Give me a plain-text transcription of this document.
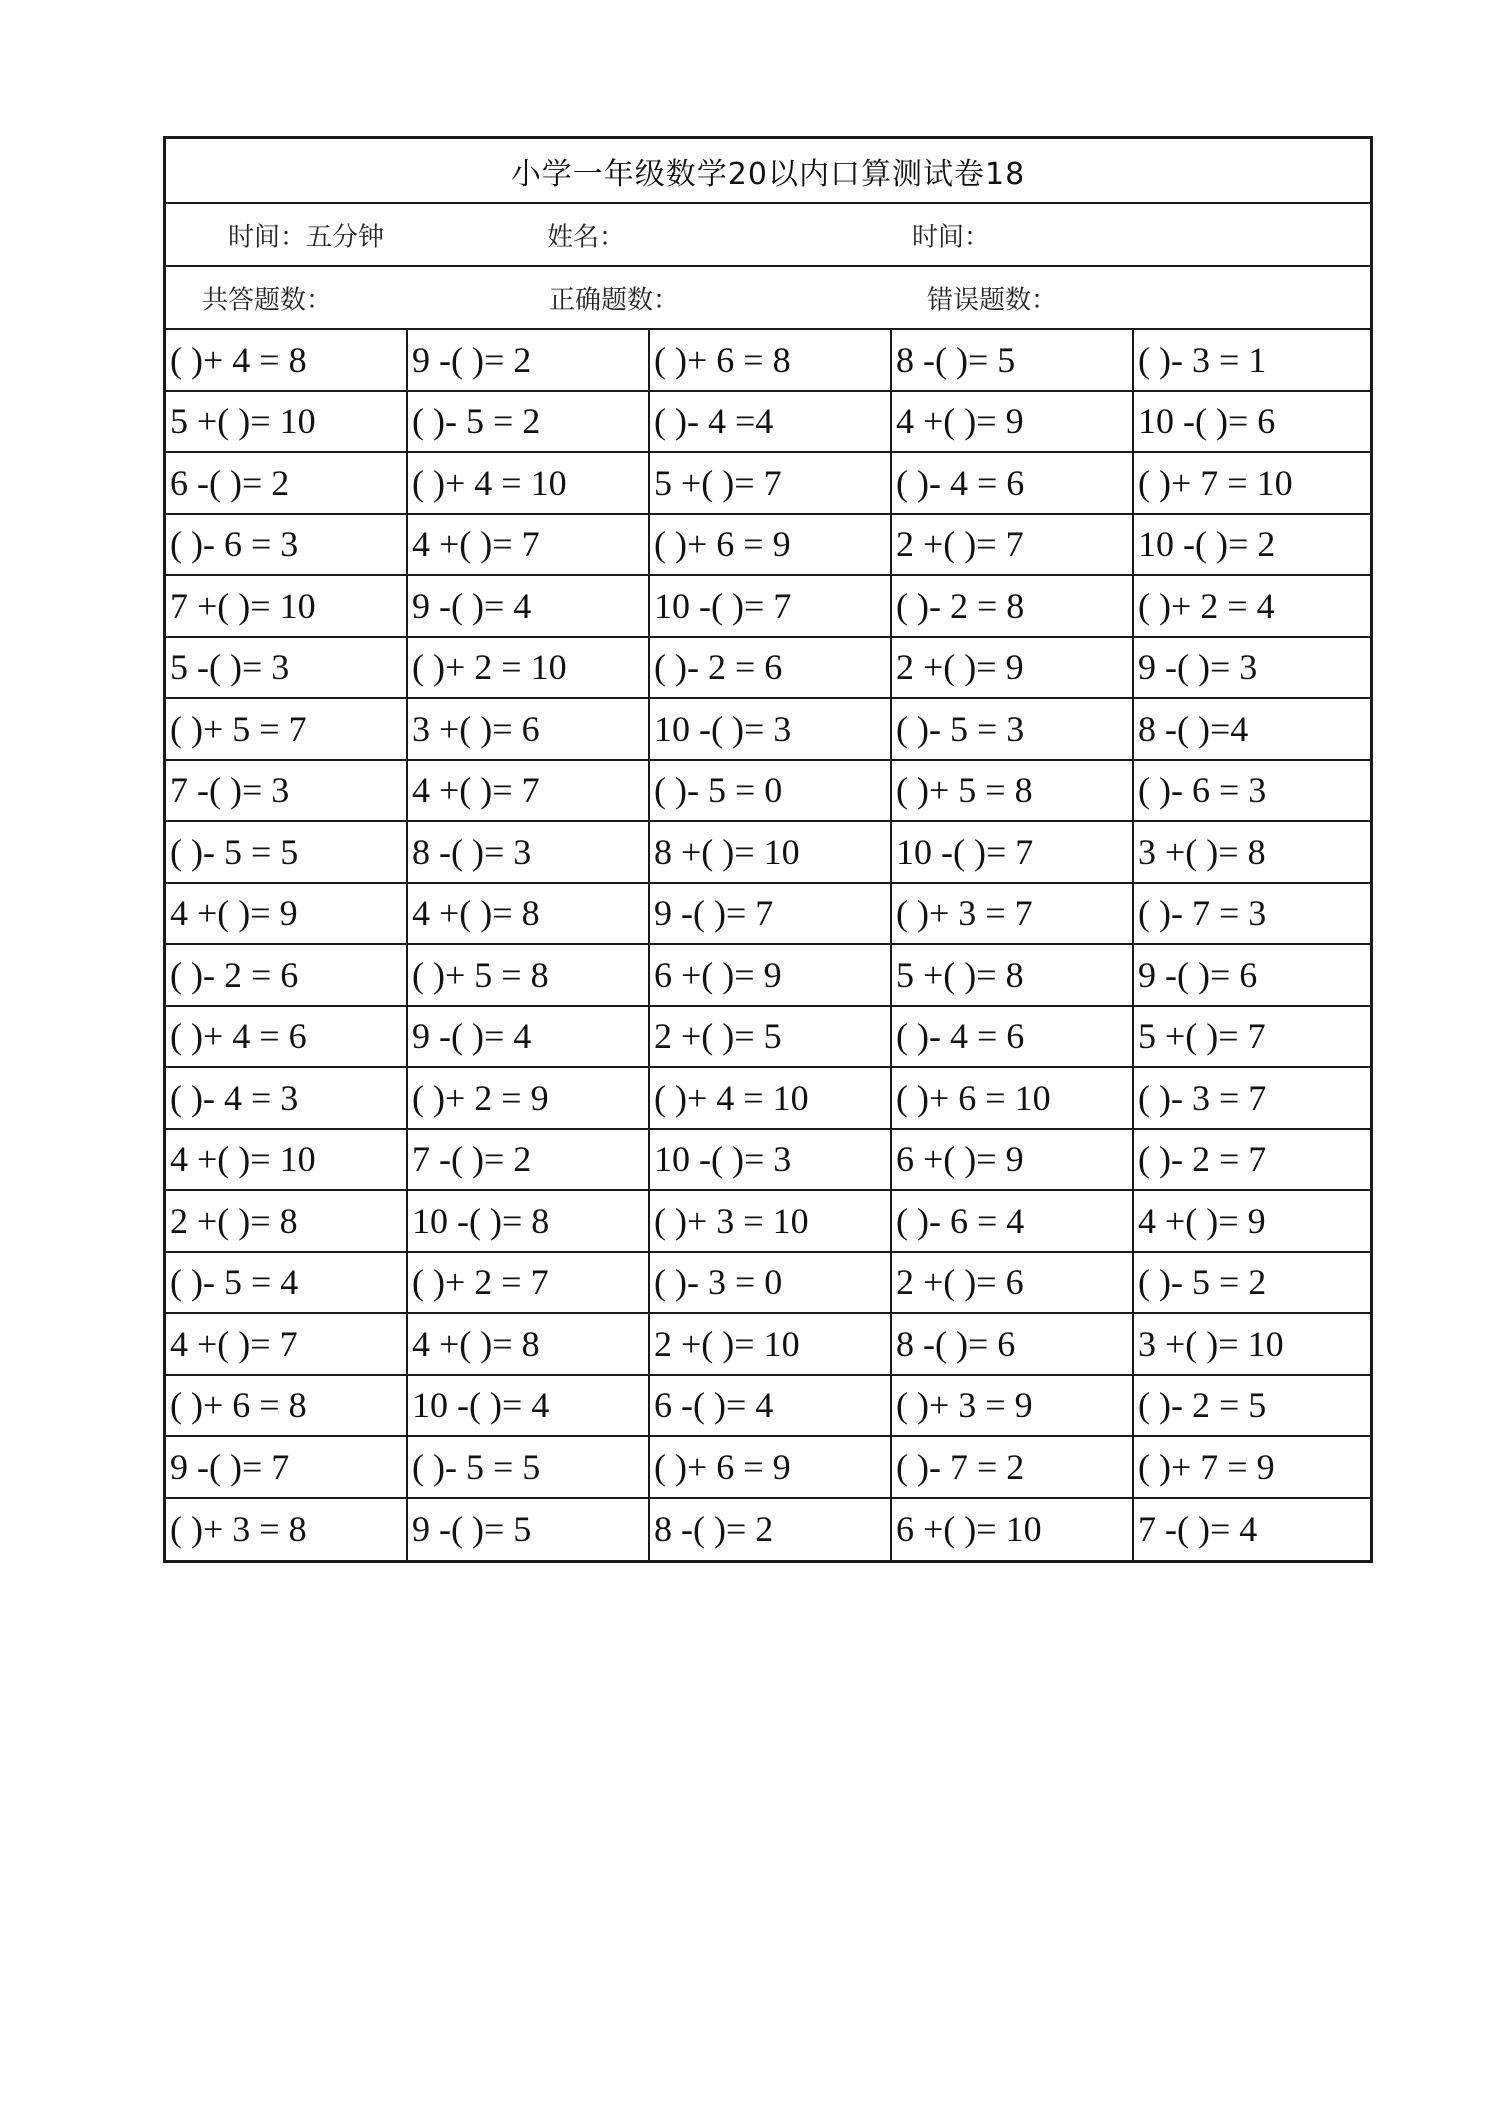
小学一年级数学20以内口算测试卷18
时间：五分钟	姓名：	时间：
共答题数：	正确题数：	错误题数：
( )+ 4 = 8	9 -( )= 2	( )+ 6 = 8	8 -( )= 5	( )- 3 = 1
5 +( )= 10	( )- 5 = 2	( )- 4 =4	4 +( )= 9	10 -( )= 6
6 -( )= 2	( )+ 4 = 10	5 +( )= 7	( )- 4 = 6	( )+ 7 = 10
( )- 6 = 3	4 +( )= 7	( )+ 6 = 9	2 +( )= 7	10 -( )= 2
7 +( )= 10	9 -( )= 4	10 -( )= 7	( )- 2 = 8	( )+ 2 = 4
5 -( )= 3	( )+ 2 = 10	( )- 2 = 6	2 +( )= 9	9 -( )= 3
( )+ 5 = 7	3 +( )= 6	10 -( )= 3	( )- 5 = 3	8 -( )=4
7 -( )= 3	4 +( )= 7	( )- 5 = 0	( )+ 5 = 8	( )- 6 = 3
( )- 5 = 5	8 -( )= 3	8 +( )= 10	10 -( )= 7	3 +( )= 8
4 +( )= 9	4 +( )= 8	9 -( )= 7	( )+ 3 = 7	( )- 7 = 3
( )- 2 = 6	( )+ 5 = 8	6 +( )= 9	5 +( )= 8	9 -( )= 6
( )+ 4 = 6	9 -( )= 4	2 +( )= 5	( )- 4 = 6	5 +( )= 7
( )- 4 = 3	( )+ 2 = 9	( )+ 4 = 10	( )+ 6 = 10	( )- 3 = 7
4 +( )= 10	7 -( )= 2	10 -( )= 3	6 +( )= 9	( )- 2 = 7
2 +( )= 8	10 -( )= 8	( )+ 3 = 10	( )- 6 = 4	4 +( )= 9
( )- 5 = 4	( )+ 2 = 7	( )- 3 = 0	2 +( )= 6	( )- 5 = 2
4 +( )= 7	4 +( )= 8	2 +( )= 10	8 -( )= 6	3 +( )= 10
( )+ 6 = 8	10 -( )= 4	6 -( )= 4	( )+ 3 = 9	( )- 2 = 5
9 -( )= 7	( )- 5 = 5	( )+ 6 = 9	( )- 7 = 2	( )+ 7 = 9
( )+ 3 = 8	9 -( )= 5	8 -( )= 2	6 +( )= 10	7 -( )= 4
